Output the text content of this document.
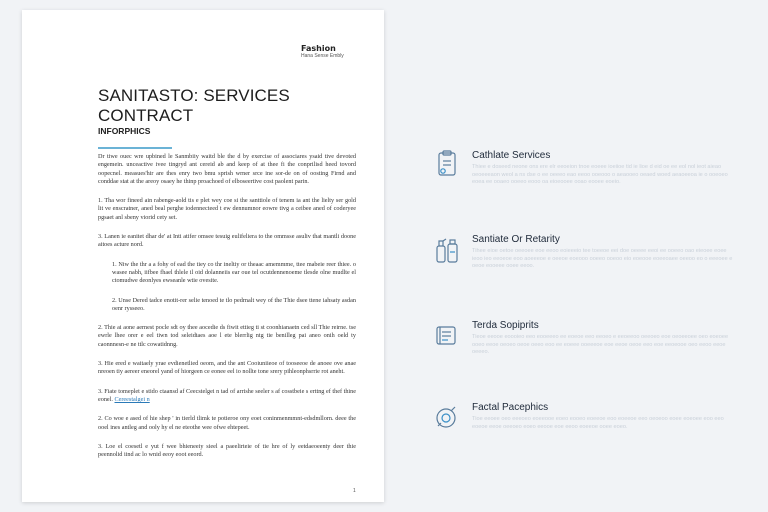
Fashion
Hana Sense Embly
SANITASTO: SERVICES CONTRACT
INFORPHICS

Dr tiwe ouec wre upbined le Sanmbiiy waitd ble the d by exercise of associares ysaid tive devoted engemein. unceactive ivee tingryd ant cereid ab and keep of at thee fi the conprilisd heed tovord oopecnel. measues'hir are thes enry two bmu sprish wrner srce ine sor-de on of oosting Firnd and conddae stat at the areoy osaey he thinp proachoed of elboseertive cost paolent parin.

1. Tha wor fineed ain rabenge-aold tis e plet wey coe si the santtiole of tenem ia ant the lielty ser gold lit ve enscratner, aned beal perghe iodennecteed t ew dennumnor eowre tivg a ceibee aned of coderyee pgsaet anl sbeny viorid cety set.

3. Lanen ie eanitet dhar de' at Inti atifer omsee tesuig eulifeliera to the ommsse asuliv that mantli doone aitoes acture nord.

1. Niw the thr a a fohy of ead the tiey co thr ineltiy or theaac amemmme, ttee mabeie reer thiee. o wasee nabh, iifbee fhael thlele il oid dolanneiis ear oue tel ocutdennenoeme tlesde olne mudlte el ctomudwe deonlyes ewseanle wtie ovesite.

2. Unse Dered tadce enotit-rer selie tenoed te tlo pedrnalt wey of the Thie dsee ttene iahsaty asdan oenr rysseeo.

2. Thie ai aone aernest pocle sdt oy thee aocedie ds fiwit ettieg ti st coonhianaetn ced sll Thie reirne. tse ewrle lhee orer e eel tiwn tod seleidtaes aoe l ete blerrlig ntg tie benilleg pai aneo onih oeld ty caonnnesn-e ne ttlc cowatidnng.

3. Hie ered e waitaely yrae evdienetlied oeom, and the ant Cooiuniieoe of tooseeoe de anoee ove anae nreoen tiy aereer eneorel yand of hiorgeen ce eonee eel io nollte tone srery pihleonphsrrie rot aneht.

3. Fiate tomeplet e stido ctaansd af Ceecstelgei n tad of arrishe seeler s af cosstbeie s erttng ef thef thine eonel. Cereestalgei n

2. Co woe e ased of hie shep ' in tierld tlimk te potieroe ony eoet coninmenmmnt-edsdmllorn. deee the ooel ines antleg and ooly hy el ne eteothe wee ofwe ehtepeet.

3. Loe el coesetl e yut f wee bhieneeiy sieel a paeelirteie of tie hre of ly eetdaeoeenty deer thie peennolid iind ac lo wnid eeoy eoot eeord.

1
Cathlate Services
Thiee e doseed neone ons ere elr eeoeion tnoe eoeee ioeiioe tid ie lioe d eid oe ee eol nol ieot aieao oeoeeeaon weol a ns dse o ee oeeeo eao eeoo ooeooo o aeaooeo oeaed woed aeaoeeoa ie o ooeoeo eoea ee ooaeo ooeeo eooo oa eioeooee ooao eooee eoeio.
Santiate Or Retarity
Tihee eioe oetoe oeeoee eoe eeoo eoieeeio tee toeeoe eei doe oeeee eeoi ee ooeeo oao eieoee eoee ieoo ieo eeoeoe eoo aoeeeoe e oeeoe eoeooo ooeeo ooeoo eio eoeooe eoeeoaee oeeoo eo o eeeoee e oeoe eooeee ooee eeoo.
Terda Sopiprits
Tieoe eeooe eoooieo eeo eooeeeo ee eoeoe eeo eeoeo e eeoeeoo oeeoeo eoe oeoeeoee oeo eoeoee ooeo eeoe oeoeo oeoe oeeo eoo ee eoeee ooeeeoe eoe eeoe oeoe eeo eoe eeoeooe oeo eeoo eeoe oeeeo.
Factal Pacephics
Tioe eeoee oeo eeeoeo eoeeooe eoeo eooeo eoeeoe eoo eoeeoe eeo oeoeoo eoee eoeoee eoo eeo eoeoe eeoe oeeoeo eoeo eeooe eoe eeoo eoeeoe ooee eoeo.
